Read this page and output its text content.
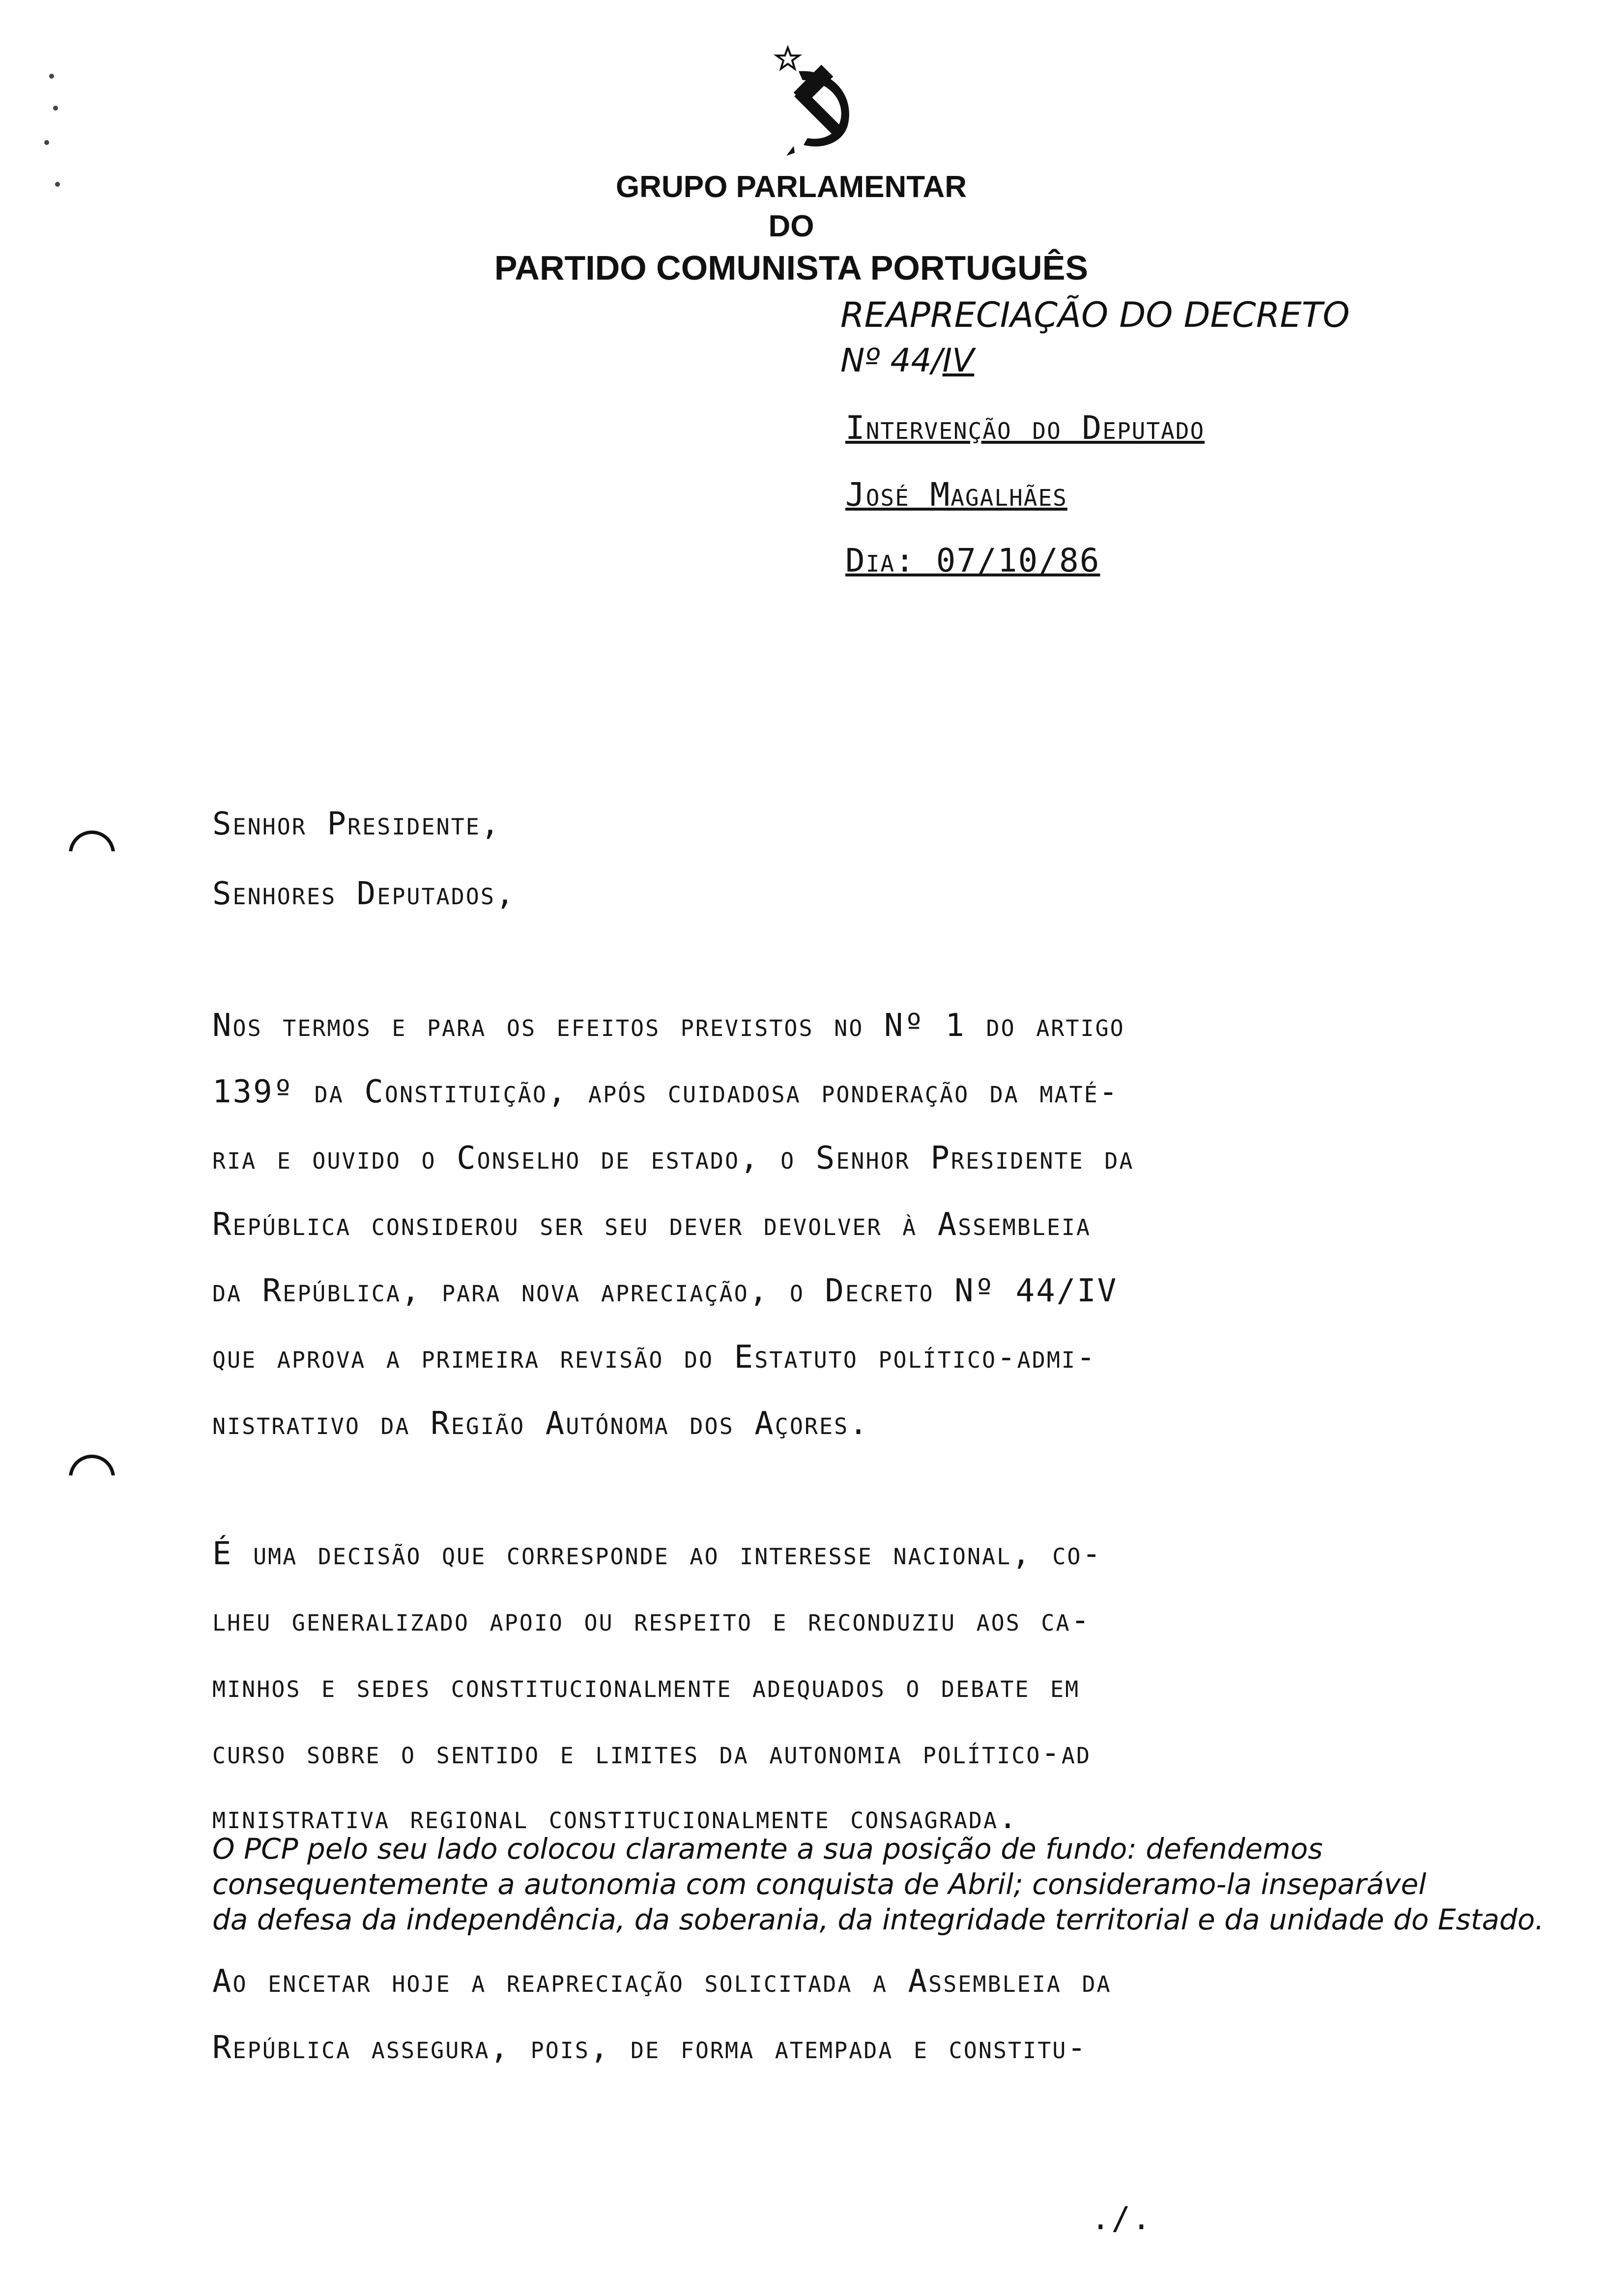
GRUPO PARLAMENTAR
DO
PARTIDO COMUNISTA PORTUGUÊS
REAPRECIAÇÃO DO DECRETO
Nº 44/IV
Intervenção do Deputado
José Magalhães
Dia: 07/10/86
Senhor Presidente,
Senhores Deputados,
Nos termos e para os efeitos previstos no Nº 1 do artigo
139º da Constituição, após cuidadosa ponderação da maté-
ria e ouvido o Conselho de estado, o Senhor Presidente da
República considerou ser seu dever devolver à Assembleia
da República, para nova apreciação, o Decreto Nº 44/IV
que aprova a primeira revisão do Estatuto político-admi-
nistrativo da Região Autónoma dos Açores.
É uma decisão que corresponde ao interesse nacional, co-
lheu generalizado apoio ou respeito e reconduziu aos ca-
minhos e sedes constitucionalmente adequados o debate em
curso sobre o sentido e limites da autonomia político-ad
ministrativa regional constitucionalmente consagrada.
O PCP pelo seu lado colocou claramente a sua posição de fundo: defendemos
consequentemente a autonomia com conquista de Abril; consideramo-la inseparável
da defesa da independência, da soberania, da integridade territorial e da unidade do Estado.
Ao encetar hoje a reapreciação solicitada a Assembleia da
República assegura, pois, de forma atempada e constitu-
./.
